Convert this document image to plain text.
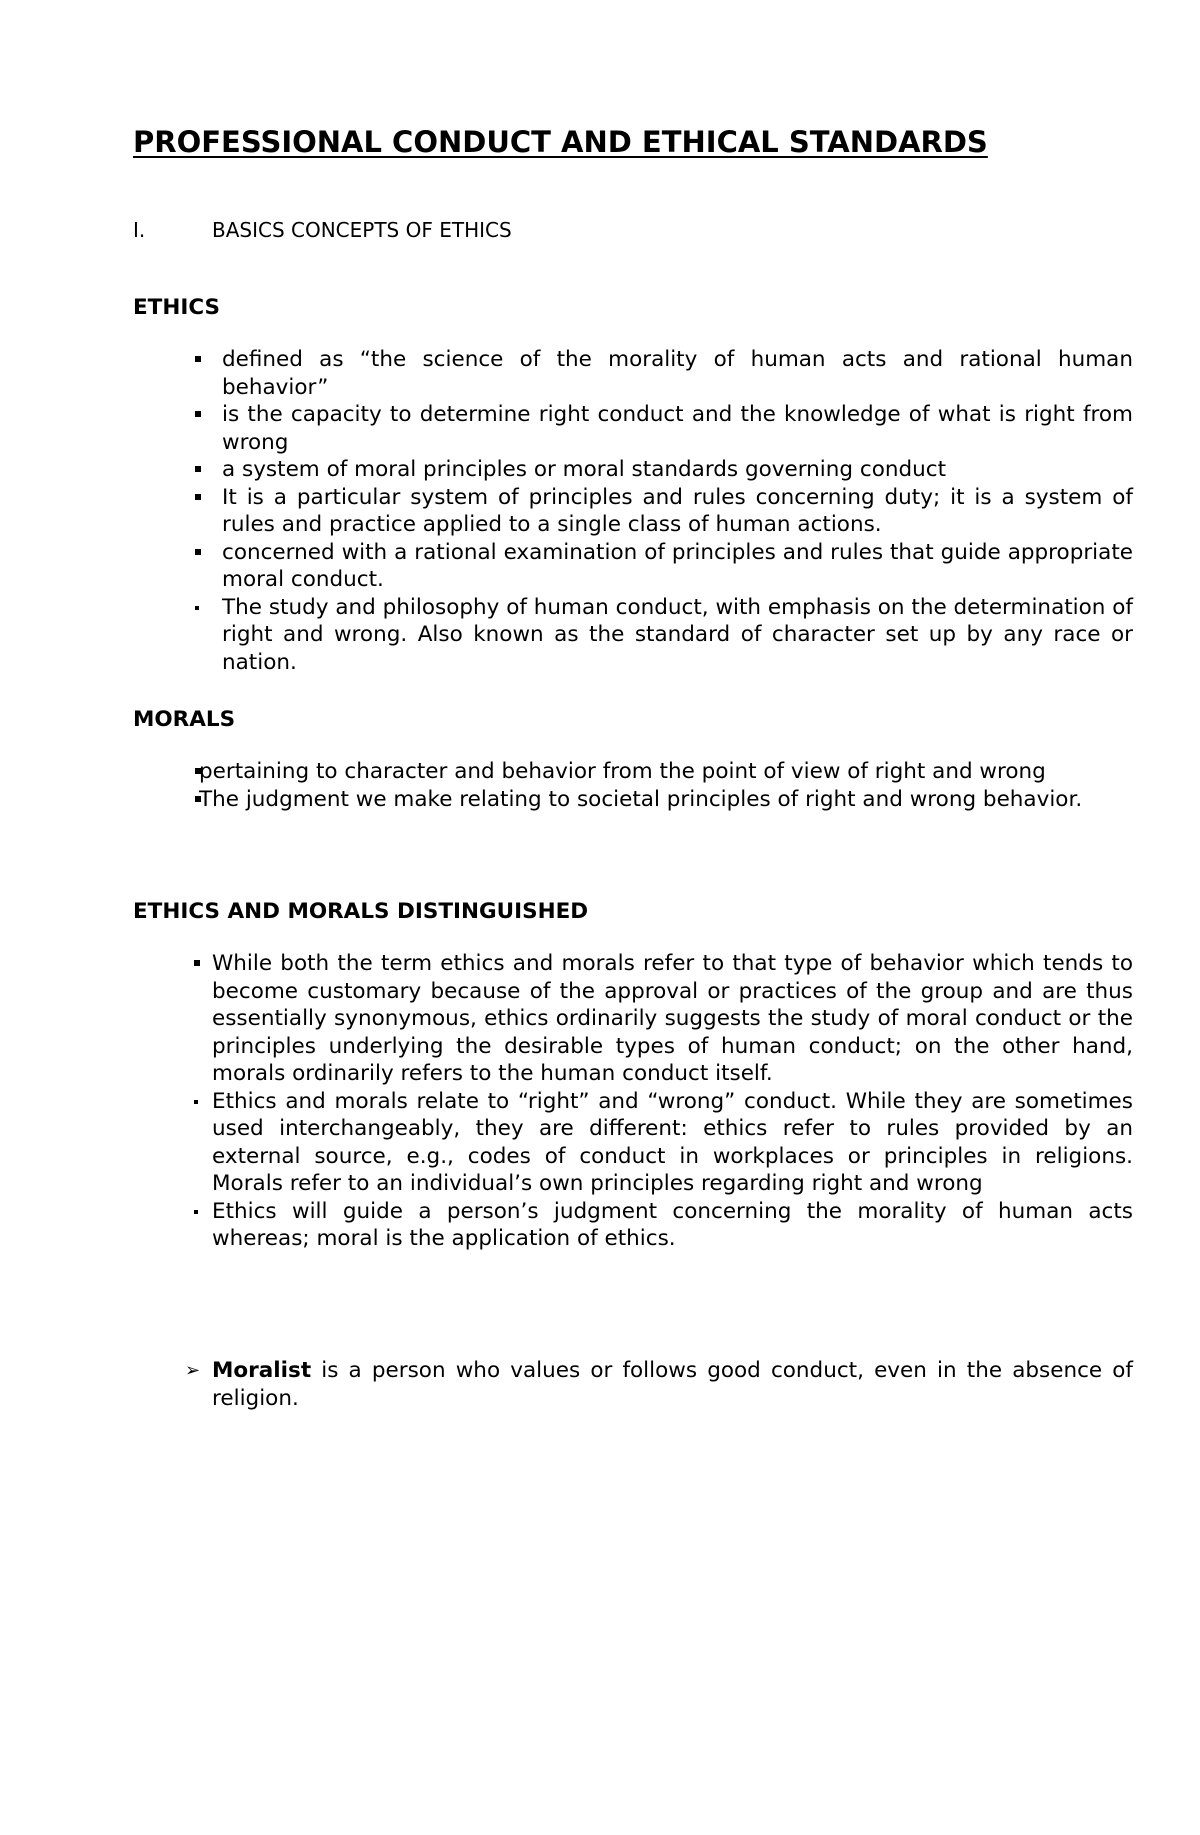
PROFESSIONAL CONDUCT AND ETHICAL STANDARDS
I.	BASICS CONCEPTS OF ETHICS
ETHICS
defined as “the science of the morality of human acts and rational human behavior”
is the capacity to determine right conduct and the knowledge of what is right from wrong
a system of moral principles or moral standards governing conduct
It is a particular system of principles and rules concerning duty; it is a system of rules and practice applied to a single class of human actions.
concerned with a rational examination of principles and rules that guide appropriate moral conduct.
The study and philosophy of human conduct, with emphasis on the determination of right and wrong. Also known as the standard of character set up by any race or nation.
MORALS
pertaining to character and behavior from the point of view of right and wrong
The judgment we make relating to societal principles of right and wrong behavior.
ETHICS AND MORALS DISTINGUISHED
While both the term ethics and morals refer to that type of behavior which tends to become customary because of the approval or practices of the group and are thus essentially synonymous, ethics ordinarily suggests the study of moral conduct or the principles underlying the desirable types of human conduct; on the other hand, morals ordinarily refers to the human conduct itself.
Ethics and morals relate to “right” and “wrong” conduct. While they are sometimes used interchangeably, they are different: ethics refer to rules provided by an external source, e.g., codes of conduct in workplaces or principles in religions. Morals refer to an individual’s own principles regarding right and wrong
Ethics will guide a person’s judgment concerning the morality of human acts whereas; moral is the application of ethics.

➢ Moralist is a person who values or follows good conduct, even in the absence of religion.
